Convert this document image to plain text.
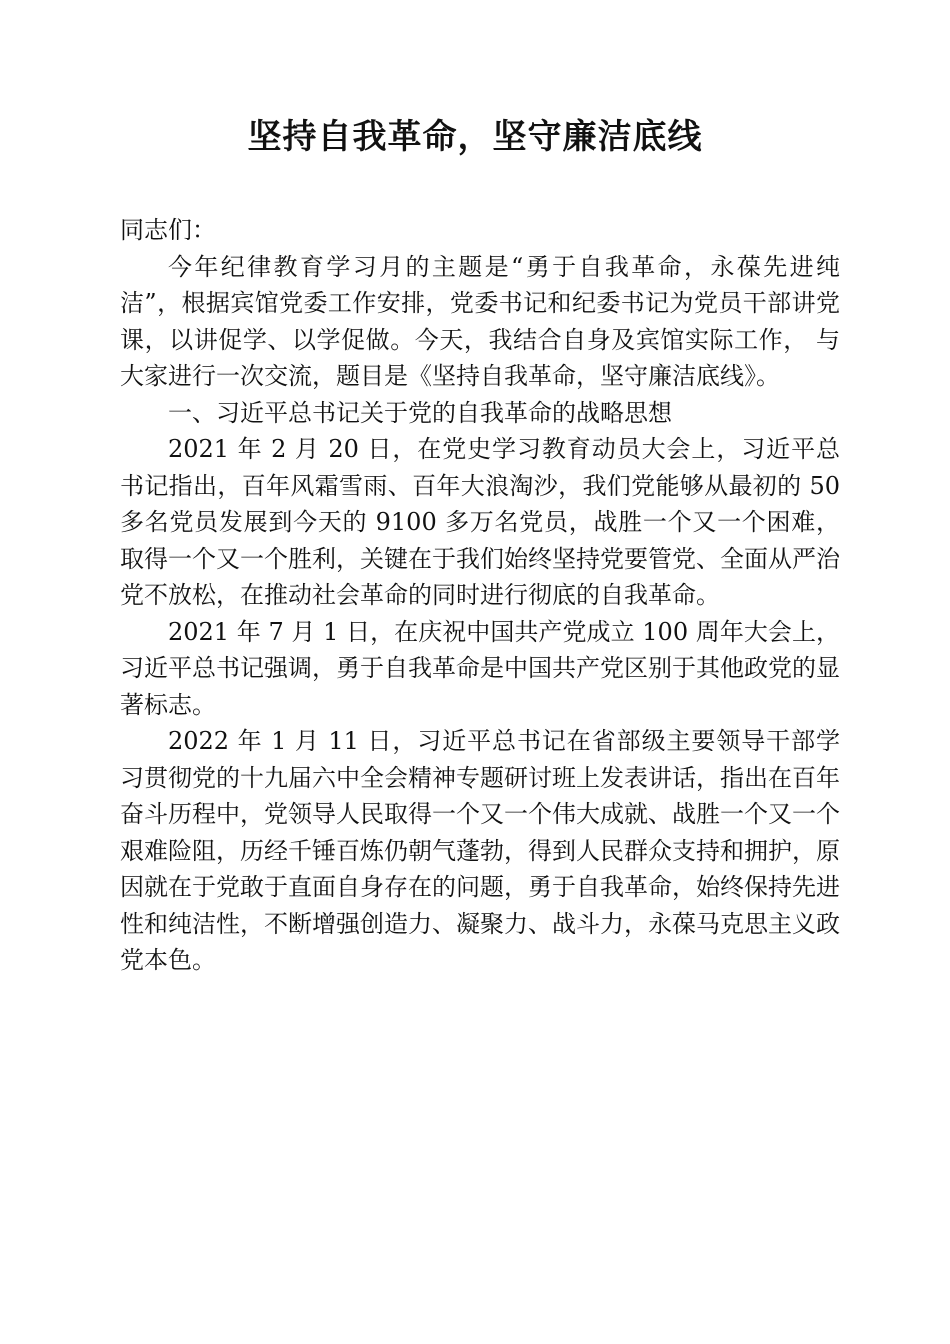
坚持自我革命，坚守廉洁底线

同志们：

今年纪律教育学习月的主题是“勇于自我革命，永葆先进纯洁”，根据宾馆党委工作安排，党委书记和纪委书记为党员干部讲党课，以讲促学、以学促做。今天，我结合自身及宾馆实际工作， 与大家进行一次交流，题目是《坚持自我革命，坚守廉洁底线》。

一、习近平总书记关于党的自我革命的战略思想

2021 年 2 月 20 日，在党史学习教育动员大会上，习近平总书记指出，百年风霜雪雨、百年大浪淘沙，我们党能够从最初的 50 多名党员发展到今天的 9100 多万名党员，战胜一个又一个困难，取得一个又一个胜利，关键在于我们始终坚持党要管党、全面从严治党不放松，在推动社会革命的同时进行彻底的自我革命。

2021 年 7 月 1 日，在庆祝中国共产党成立 100 周年大会上， 习近平总书记强调，勇于自我革命是中国共产党区别于其他政党的显著标志。

2022 年 1 月 11 日，习近平总书记在省部级主要领导干部学习贯彻党的十九届六中全会精神专题研讨班上发表讲话，指出在百年奋斗历程中，党领导人民取得一个又一个伟大成就、战胜一个又一个艰难险阻，历经千锤百炼仍朝气蓬勃，得到人民群众支持和拥护，原因就在于党敢于直面自身存在的问题，勇于自我革命，始终保持先进性和纯洁性，不断增强创造力、凝聚力、战斗力，永葆马克思主义政党本色。
